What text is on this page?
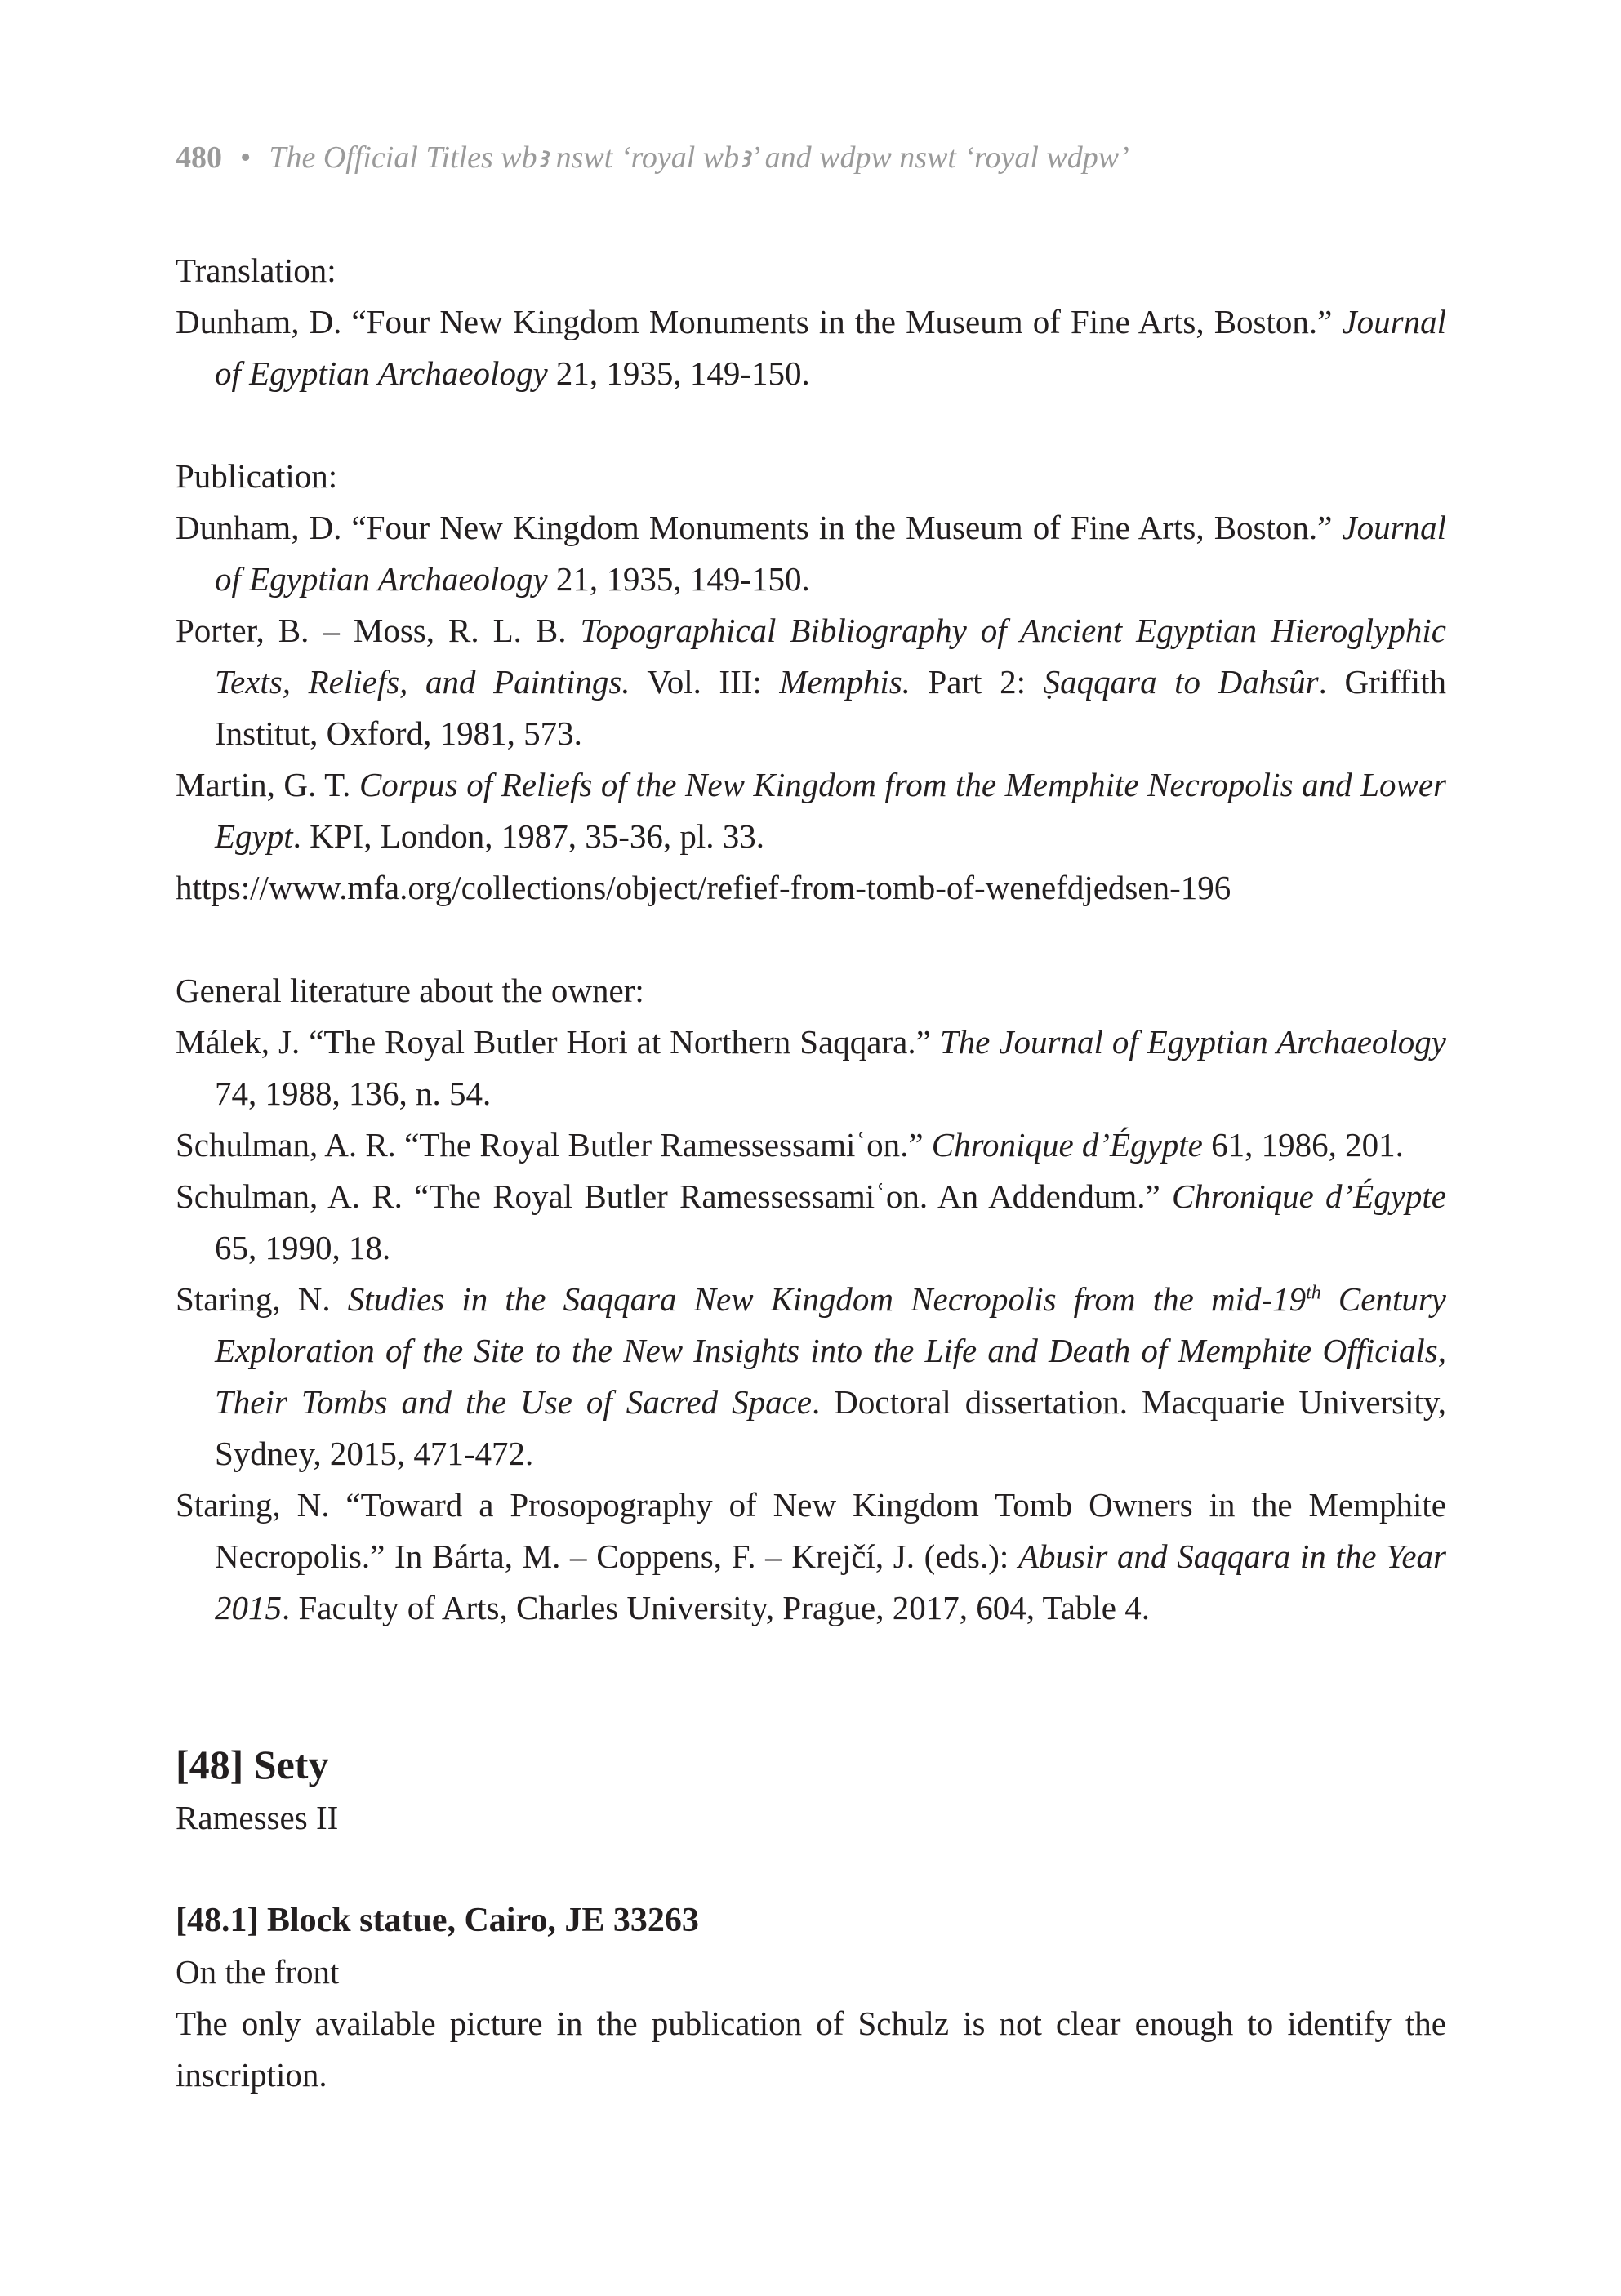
480 • The Official Titles wbꜣ nswt ‘royal wbꜣ’ and wdpw nswt ‘royal wdpw’

Translation:

Dunham, D. “Four New Kingdom Monuments in the Museum of Fine Arts, Boston.” Journal of Egyptian Archaeology 21, 1935, 149-150.

Publication:

Dunham, D. “Four New Kingdom Monuments in the Museum of Fine Arts, Boston.” Journal of Egyptian Archaeology 21, 1935, 149-150.

Porter, B. – Moss, R. L. B. Topographical Bibliography of Ancient Egyptian Hieroglyphic Texts, Reliefs, and Paintings. Vol. III: Memphis. Part 2: Ṣaqqara to Dahsûr. Griffith Institut, Oxford, 1981, 573.

Martin, G. T. Corpus of Reliefs of the New Kingdom from the Memphite Necropolis and Lower Egypt. KPI, London, 1987, 35-36, pl. 33.

https://www.mfa.org/collections/object/refief-from-tomb-of-wenefdjedsen-196

General literature about the owner:

Málek, J. “The Royal Butler Hori at Northern Saqqara.” The Journal of Egyptian Archaeology 74, 1988, 136, n. 54.

Schulman, A. R. “The Royal Butler Ramessessamiʿon.” Chronique d’Égypte 61, 1986, 201.

Schulman, A. R. “The Royal Butler Ramessessamiʿon. An Addendum.” Chronique d’Égypte 65, 1990, 18.

Staring, N. Studies in the Saqqara New Kingdom Necropolis from the mid-19th Century Exploration of the Site to the New Insights into the Life and Death of Memphite Officials, Their Tombs and the Use of Sacred Space. Doctoral dissertation. Macquarie University, Sydney, 2015, 471-472.

Staring, N. “Toward a Prosopography of New Kingdom Tomb Owners in the Memphite Necropolis.” In Bárta, M. – Coppens, F. – Krejčí, J. (eds.): Abusir and Saqqara in the Year 2015. Faculty of Arts, Charles University, Prague, 2017, 604, Table 4.

[48] Sety

Ramesses II

[48.1] Block statue, Cairo, JE 33263

On the front

The only available picture in the publication of Schulz is not clear enough to identify the inscription.
